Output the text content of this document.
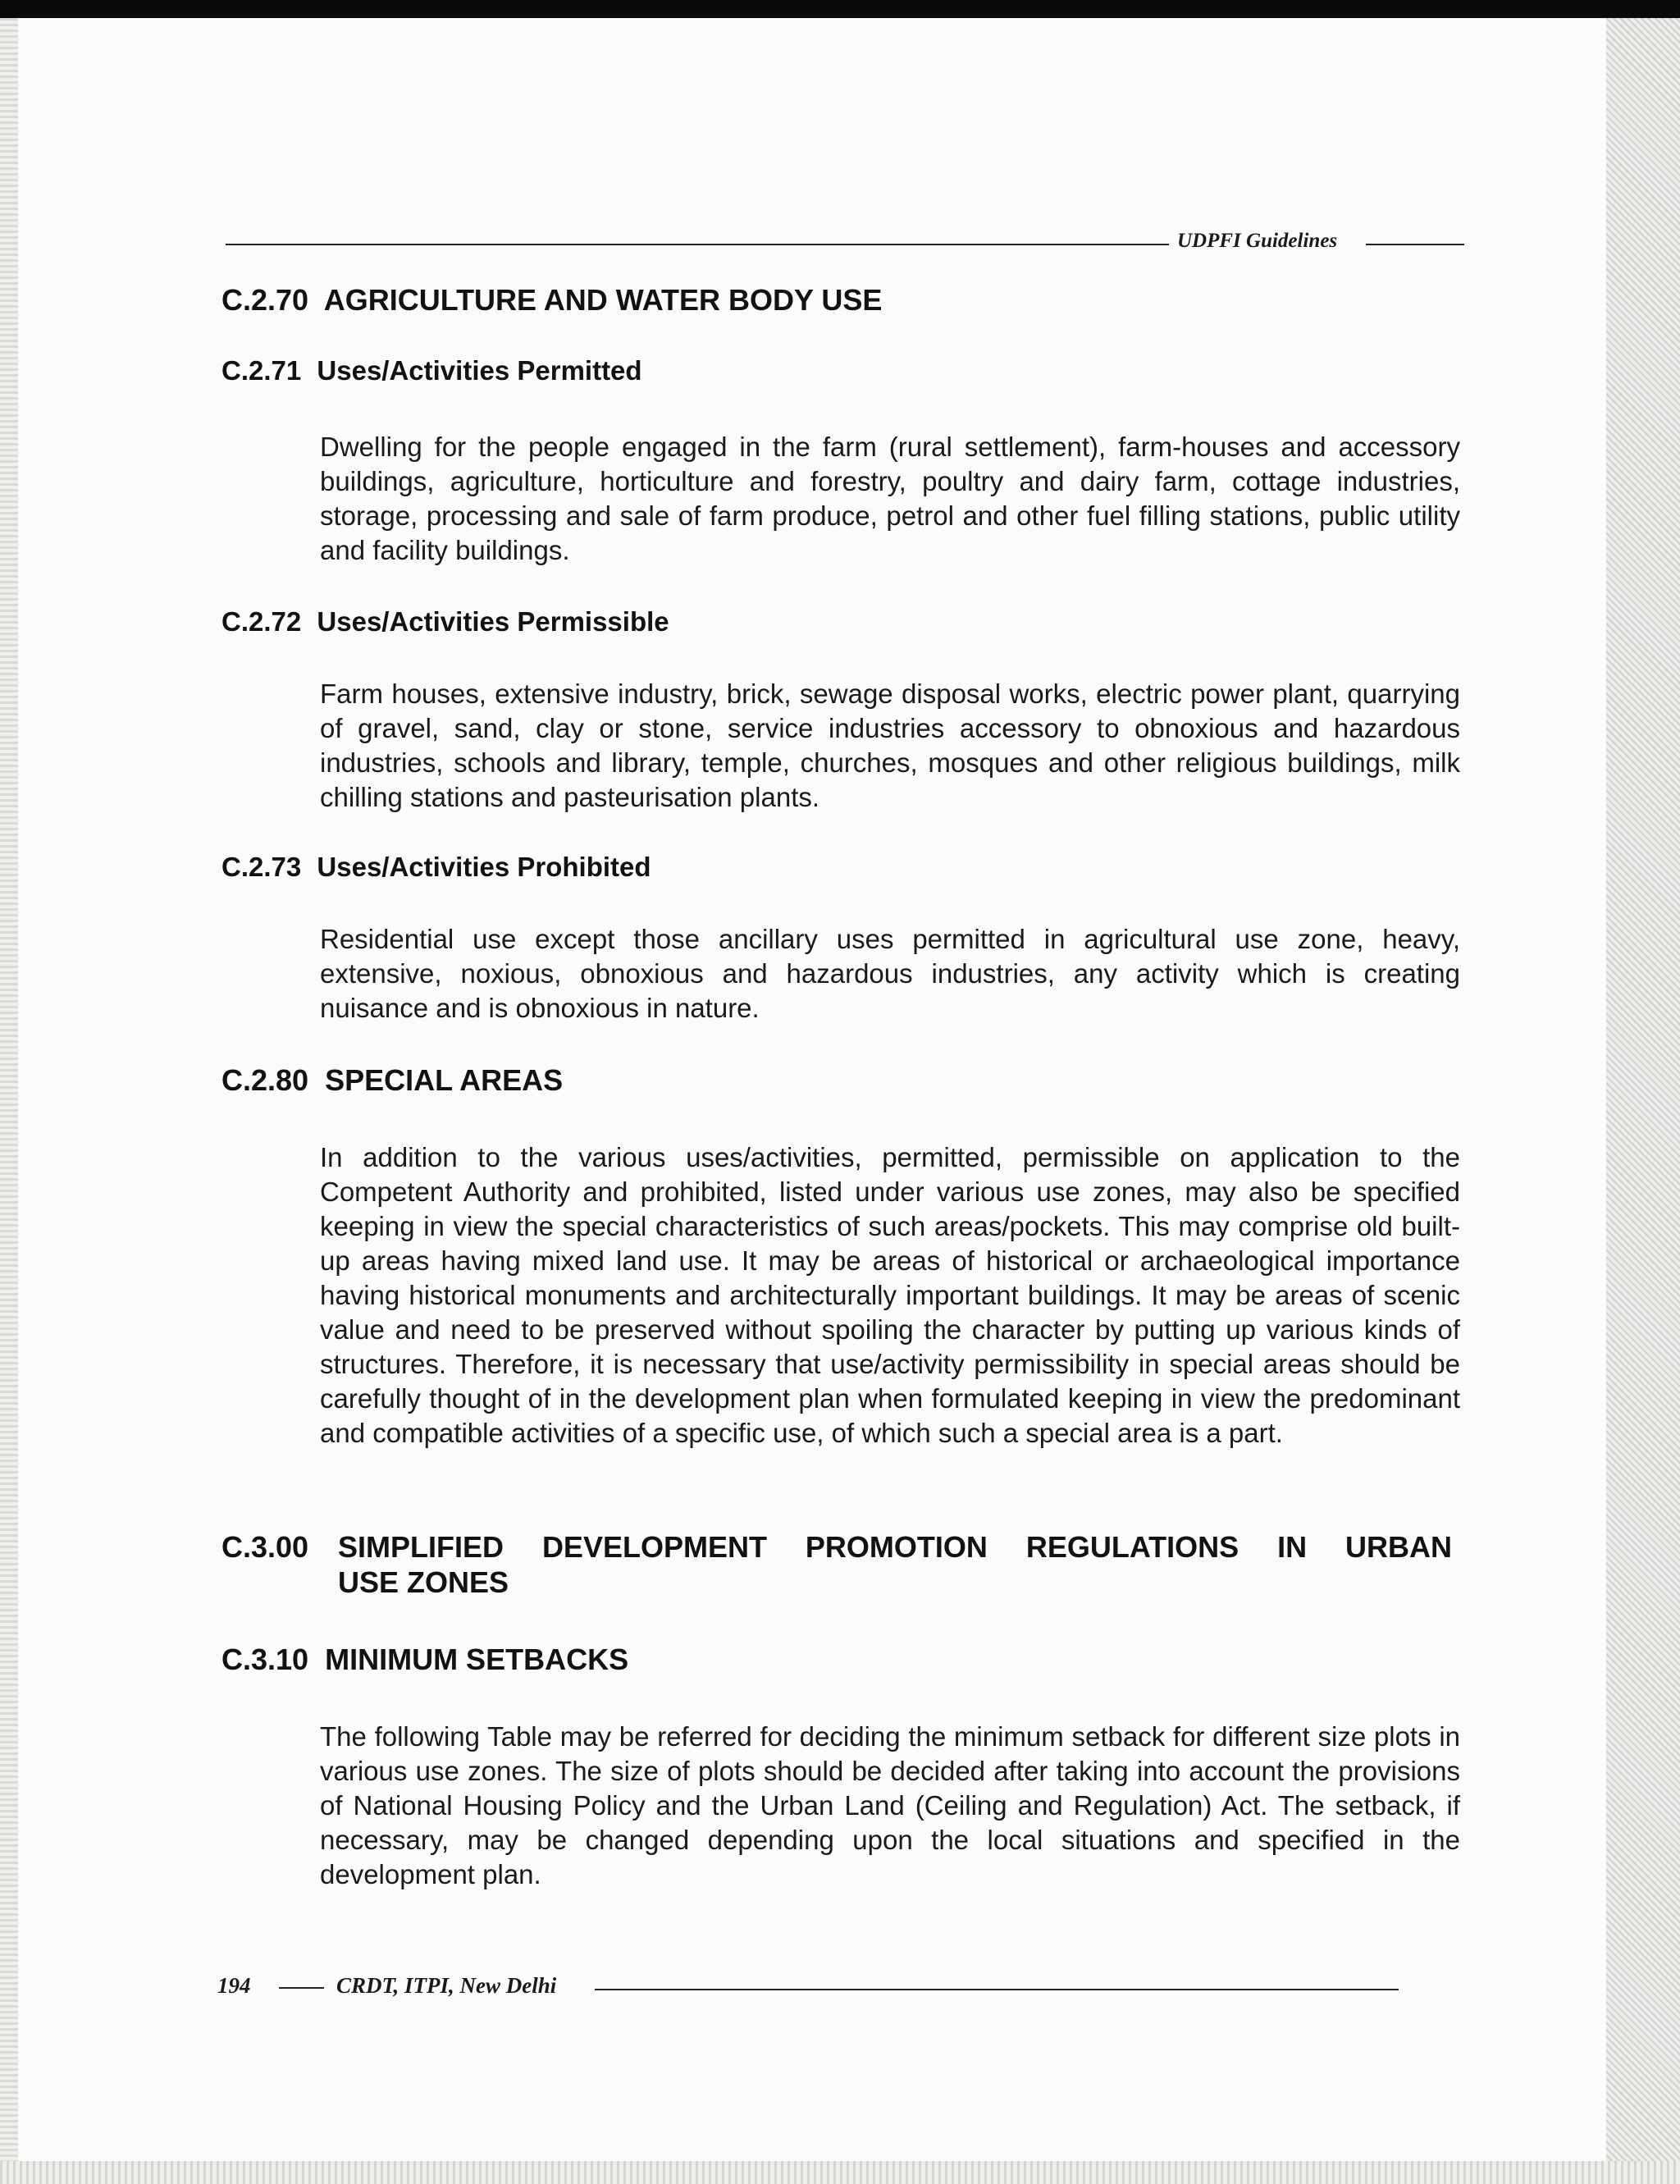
UDPFI Guidelines
C.2.70 AGRICULTURE AND WATER BODY USE
C.2.71 Uses/Activities Permitted
Dwelling for the people engaged in the farm (rural settlement), farm-houses and accessory buildings, agriculture, horticulture and forestry, poultry and dairy farm, cottage industries, storage, processing and sale of farm produce, petrol and other fuel filling stations, public utility and facility buildings.
C.2.72 Uses/Activities Permissible
Farm houses, extensive industry, brick, sewage disposal works, electric power plant, quarrying of gravel, sand, clay or stone, service industries accessory to obnoxious and hazardous industries, schools and library, temple, churches, mosques and other religious buildings, milk chilling stations and pasteurisation plants.
C.2.73 Uses/Activities Prohibited
Residential use except those ancillary uses permitted in agricultural use zone, heavy, extensive, noxious, obnoxious and hazardous industries, any activity which is creating nuisance and is obnoxious in nature.
C.2.80 SPECIAL AREAS
In addition to the various uses/activities, permitted, permissible on application to the Competent Authority and prohibited, listed under various use zones, may also be specified keeping in view the special characteristics of such areas/pockets. This may comprise old built-up areas having mixed land use. It may be areas of historical or archaeological importance having historical monuments and architecturally important buildings. It may be areas of scenic value and need to be preserved without spoiling the character by putting up various kinds of structures. Therefore, it is necessary that use/activity permissibility in special areas should be carefully thought of in the development plan when formulated keeping in view the predominant and compatible activities of a specific use, of which such a special area is a part.
C.3.00 SIMPLIFIED DEVELOPMENT PROMOTION REGULATIONS IN URBAN
USE ZONES
C.3.10 MINIMUM SETBACKS
The following Table may be referred for deciding the minimum setback for different size plots in various use zones. The size of plots should be decided after taking into account the provisions of National Housing Policy and the Urban Land (Ceiling and Regulation) Act. The setback, if necessary, may be changed depending upon the local situations and specified in the development plan.
194	CRDT, ITPI, New Delhi
